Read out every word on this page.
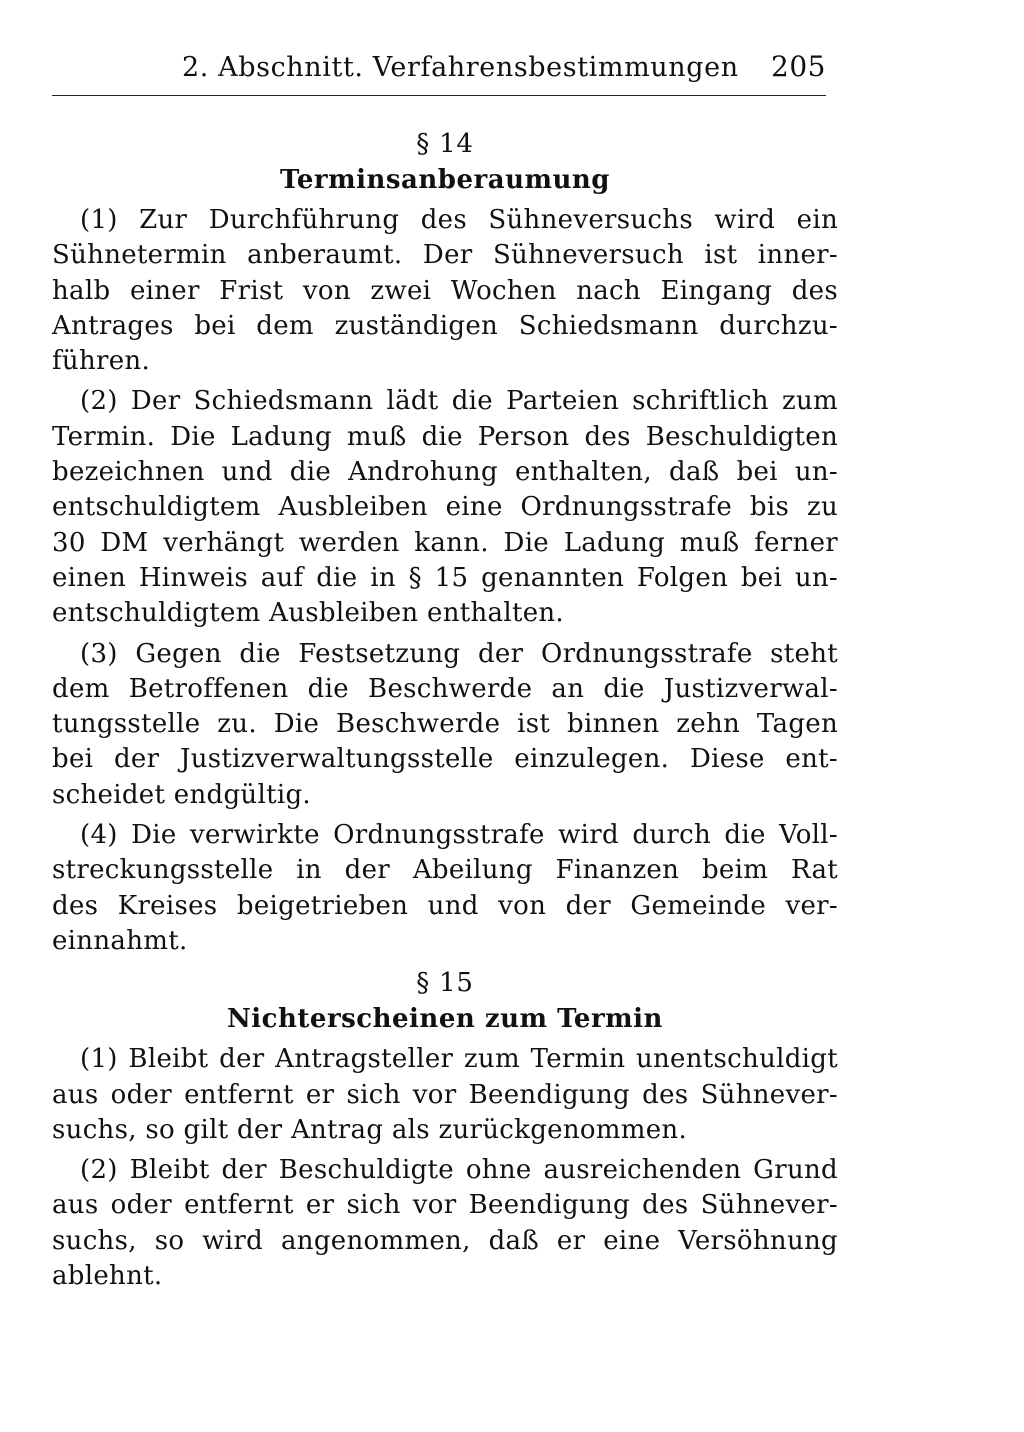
2. Abschnitt. Verfahrensbestimmungen 205
§ 14
Terminsanberaumung
(1) Zur Durchführung des Sühneversuchs wird ein
Sühnetermin anberaumt. Der Sühneversuch ist inner-
halb einer Frist von zwei Wochen nach Eingang des
Antrages bei dem zuständigen Schiedsmann durchzu-
führen.
(2) Der Schiedsmann lädt die Parteien schriftlich zum
Termin. Die Ladung muß die Person des Beschuldigten
bezeichnen und die Androhung enthalten, daß bei un-
entschuldigtem Ausbleiben eine Ordnungsstrafe bis zu
30 DM verhängt werden kann. Die Ladung muß ferner
einen Hinweis auf die in § 15 genannten Folgen bei un-
entschuldigtem Ausbleiben enthalten.
(3) Gegen die Festsetzung der Ordnungsstrafe steht
dem Betroffenen die Beschwerde an die Justizverwal-
tungsstelle zu. Die Beschwerde ist binnen zehn Tagen
bei der Justizverwaltungsstelle einzulegen. Diese ent-
scheidet endgültig.
(4) Die verwirkte Ordnungsstrafe wird durch die Voll-
streckungsstelle in der Abeilung Finanzen beim Rat
des Kreises beigetrieben und von der Gemeinde ver-
einnahmt.
§ 15
Nichterscheinen zum Termin
(1) Bleibt der Antragsteller zum Termin unentschuldigt
aus oder entfernt er sich vor Beendigung des Sühnever-
suchs, so gilt der Antrag als zurückgenommen.
(2) Bleibt der Beschuldigte ohne ausreichenden Grund
aus oder entfernt er sich vor Beendigung des Sühnever-
suchs, so wird angenommen, daß er eine Versöhnung
ablehnt.
